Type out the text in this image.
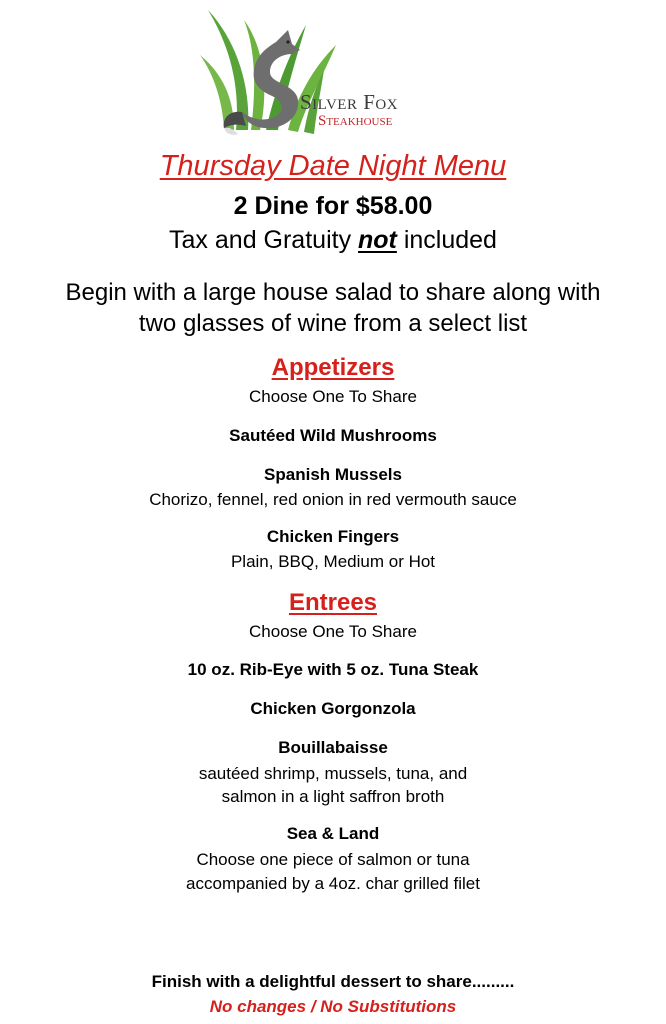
Silver Fox
Steakhouse
Thursday Date Night Menu
2 Dine for $58.00
Tax and Gratuity not included
Begin with a large house salad to share along with
two glasses of wine from a select list
Appetizers
Choose One To Share
Sautéed Wild Mushrooms
Spanish Mussels
Chorizo, fennel, red onion in red vermouth sauce
Chicken Fingers
Plain, BBQ, Medium or Hot
Entrees
Choose One To Share
10 oz. Rib-Eye with 5 oz. Tuna Steak
Chicken Gorgonzola
Bouillabaisse
sautéed shrimp, mussels, tuna, and
salmon in a light saffron broth
Sea & Land
Choose one piece of salmon or tuna
accompanied by a 4oz. char grilled filet
Finish with a delightful dessert to share.........
No changes / No Substitutions
